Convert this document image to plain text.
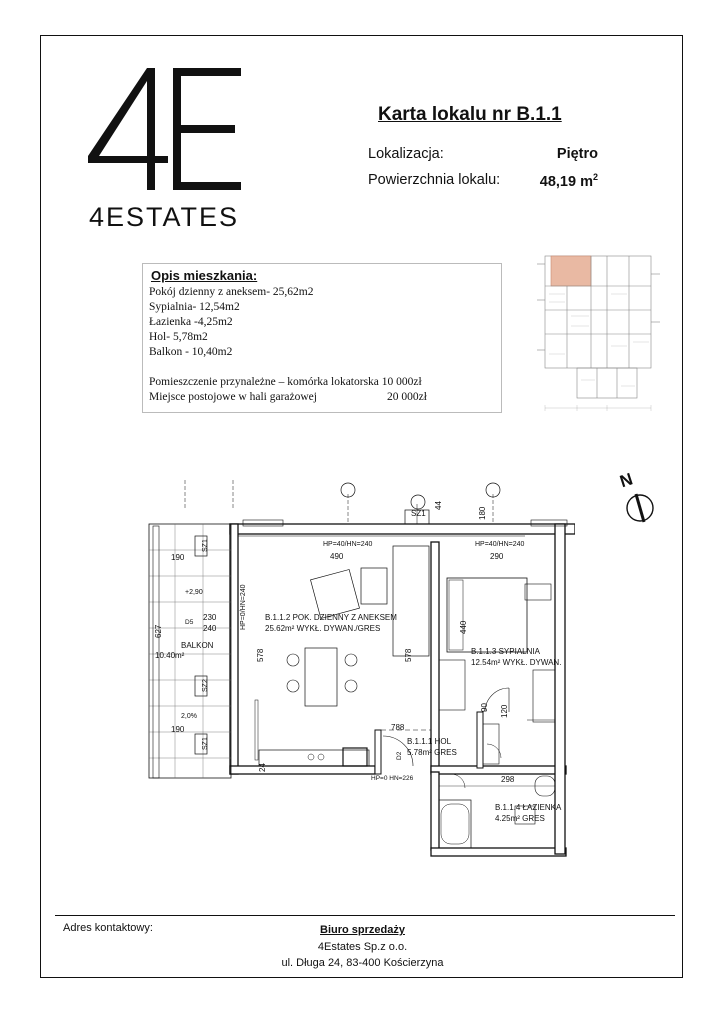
4ESTATES
Karta lokalu nr B.1.1
Lokalizacja:	Piętro
Powierzchnia lokalu:	48,19 $m^2$
Opis mieszkania:
Pokój dzienny z aneksem- 25,62m2
Sypialnia- 12,54m2
Łazienka -4,25m2
Hol- 5,78m2
Balkon - 10,40m2
Pomieszczenie przynależne – komórka lokatorska 10 000zł
Miejsce postojowe w hali garażowej	20 000zł
N
B.1.1.2 POK. DZIENNY Z ANEKSEM
25.62m² WYKŁ. DYWAN./GRES
B.1.1.3 SYPIALNIA
12.54m² WYKŁ. DYWAN.
B.1.1.1 HOL
5.78m² GRES
B.1.1.4 ŁAZIENKA
4.25m² GRES
10.40m²
BALKON
490	290
578	578
627
788
440
190
190
230
240
180
44
298
24
90 120
HP=40/HN=240	HP=40/HN=240
HP=0/HN=240
HP=0 HN=226
+2,90
2,0%
SZ1
SZ1
SZ2
SZ1
D5
D2
Adres kontaktowy:	Biuro sprzedaży
4Estates Sp.z o.o.
ul. Długa 24, 83-400 Kościerzyna
